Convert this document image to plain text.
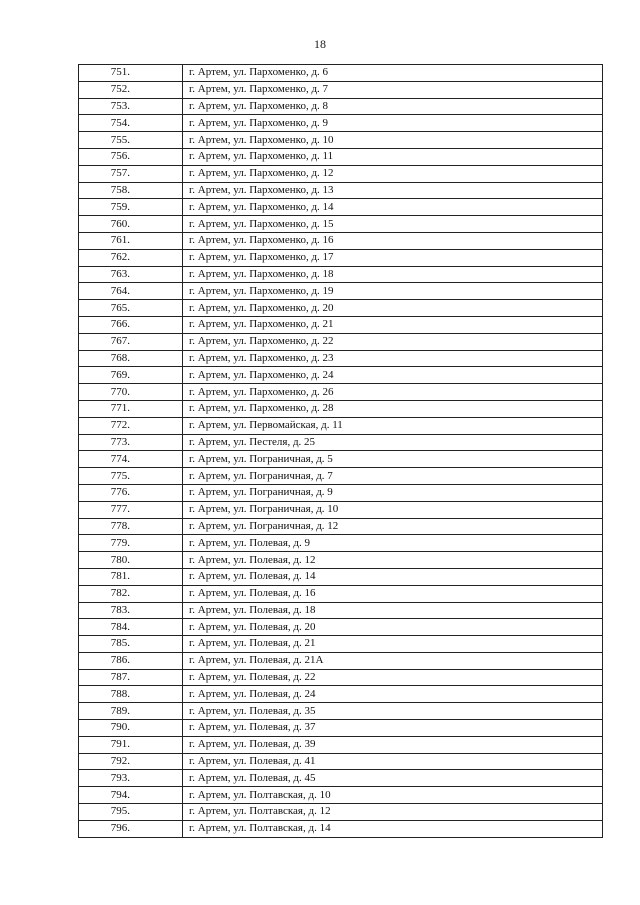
18
751.	г. Артем, ул. Пархоменко, д. 6
752.	г. Артем, ул. Пархоменко, д. 7
753.	г. Артем, ул. Пархоменко, д. 8
754.	г. Артем, ул. Пархоменко, д. 9
755.	г. Артем, ул. Пархоменко, д. 10
756.	г. Артем, ул. Пархоменко, д. 11
757.	г. Артем, ул. Пархоменко, д. 12
758.	г. Артем, ул. Пархоменко, д. 13
759.	г. Артем, ул. Пархоменко, д. 14
760.	г. Артем, ул. Пархоменко, д. 15
761.	г. Артем, ул. Пархоменко, д. 16
762.	г. Артем, ул. Пархоменко, д. 17
763.	г. Артем, ул. Пархоменко, д. 18
764.	г. Артем, ул. Пархоменко, д. 19
765.	г. Артем, ул. Пархоменко, д. 20
766.	г. Артем, ул. Пархоменко, д. 21
767.	г. Артем, ул. Пархоменко, д. 22
768.	г. Артем, ул. Пархоменко, д. 23
769.	г. Артем, ул. Пархоменко, д. 24
770.	г. Артем, ул. Пархоменко, д. 26
771.	г. Артем, ул. Пархоменко, д. 28
772.	г. Артем, ул. Первомайская, д. 11
773.	г. Артем, ул. Пестеля, д. 25
774.	г. Артем, ул. Пограничная, д. 5
775.	г. Артем, ул. Пограничная, д. 7
776.	г. Артем, ул. Пограничная, д. 9
777.	г. Артем, ул. Пограничная, д. 10
778.	г. Артем, ул. Пограничная, д. 12
779.	г. Артем, ул. Полевая, д. 9
780.	г. Артем, ул. Полевая, д. 12
781.	г. Артем, ул. Полевая, д. 14
782.	г. Артем, ул. Полевая, д. 16
783.	г. Артем, ул. Полевая, д. 18
784.	г. Артем, ул. Полевая, д. 20
785.	г. Артем, ул. Полевая, д. 21
786.	г. Артем, ул. Полевая, д. 21А
787.	г. Артем, ул. Полевая, д. 22
788.	г. Артем, ул. Полевая, д. 24
789.	г. Артем, ул. Полевая, д. 35
790.	г. Артем, ул. Полевая, д. 37
791.	г. Артем, ул. Полевая, д. 39
792.	г. Артем, ул. Полевая, д. 41
793.	г. Артем, ул. Полевая, д. 45
794.	г. Артем, ул. Полтавская, д. 10
795.	г. Артем, ул. Полтавская, д. 12
796.	г. Артем, ул. Полтавская, д. 14
